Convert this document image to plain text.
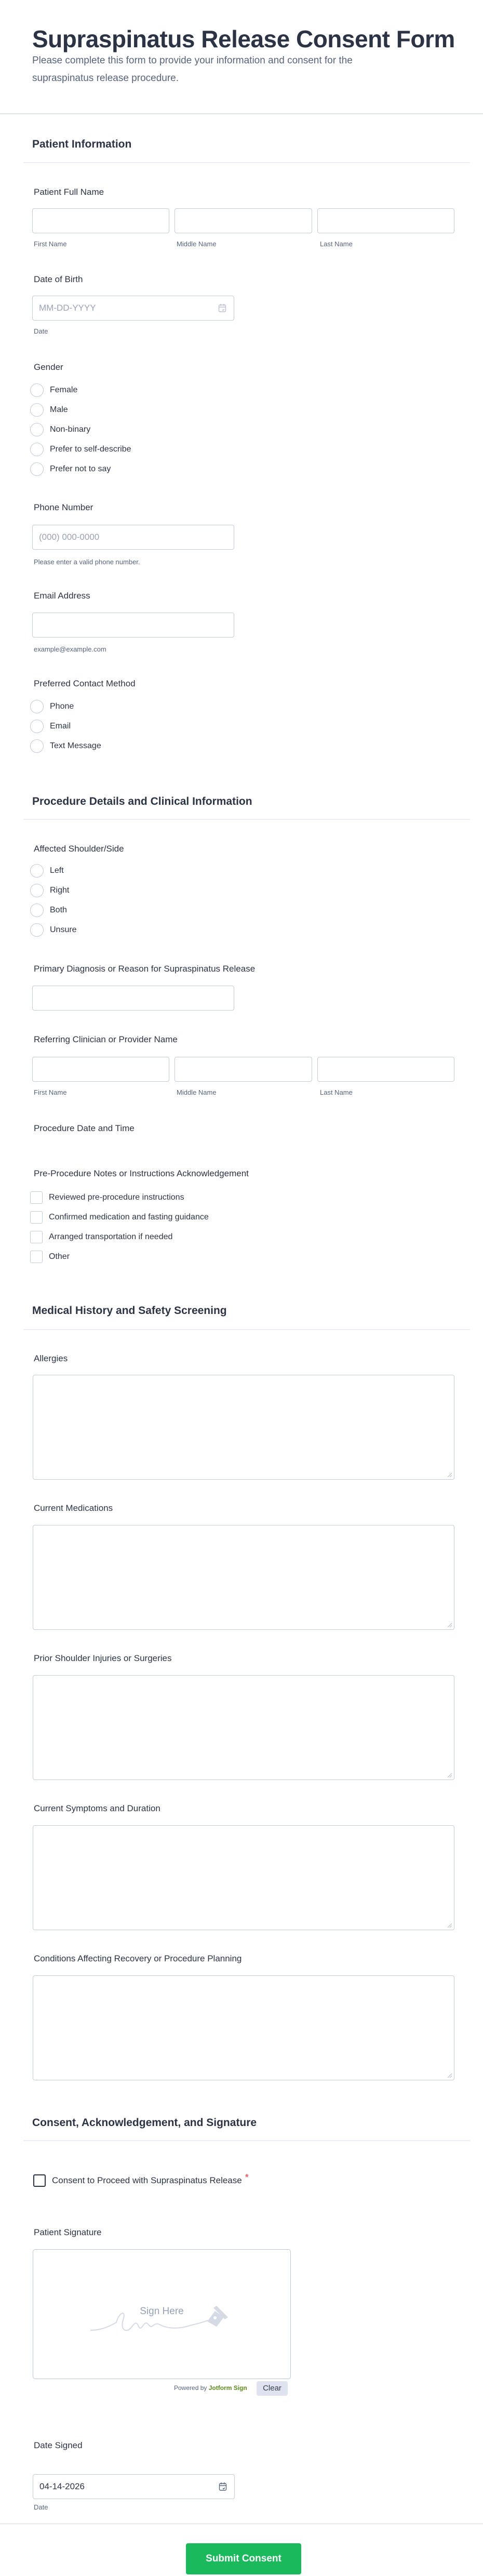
Supraspinatus Release Consent Form

Please complete this form to provide your information and consent for the supraspinatus release procedure.

Patient Information
Patient Full Name
First Name	Middle Name	Last Name
Date of Birth
MM-DD-YYYY
Date
Gender
Female
Male
Non-binary
Prefer to self-describe
Prefer not to say
Phone Number
(000) 000-0000
Please enter a valid phone number.
Email Address
example@example.com
Preferred Contact Method
Phone
Email
Text Message
Procedure Details and Clinical Information
Affected Shoulder/Side
Left
Right
Both
Unsure
Primary Diagnosis or Reason for Supraspinatus Release
Referring Clinician or Provider Name
First Name	Middle Name	Last Name
Procedure Date and Time
Pre-Procedure Notes or Instructions Acknowledgement
Reviewed pre-procedure instructions
Confirmed medication and fasting guidance
Arranged transportation if needed
Other
Medical History and Safety Screening
Allergies
Current Medications
Prior Shoulder Injuries or Surgeries
Current Symptoms and Duration
Conditions Affecting Recovery or Procedure Planning
Consent, Acknowledgement, and Signature
Consent to Proceed with Supraspinatus Release *
Patient Signature
Sign Here
Powered by Jotform Sign	Clear
Date Signed
04-14-2026
Date
Submit Consent
